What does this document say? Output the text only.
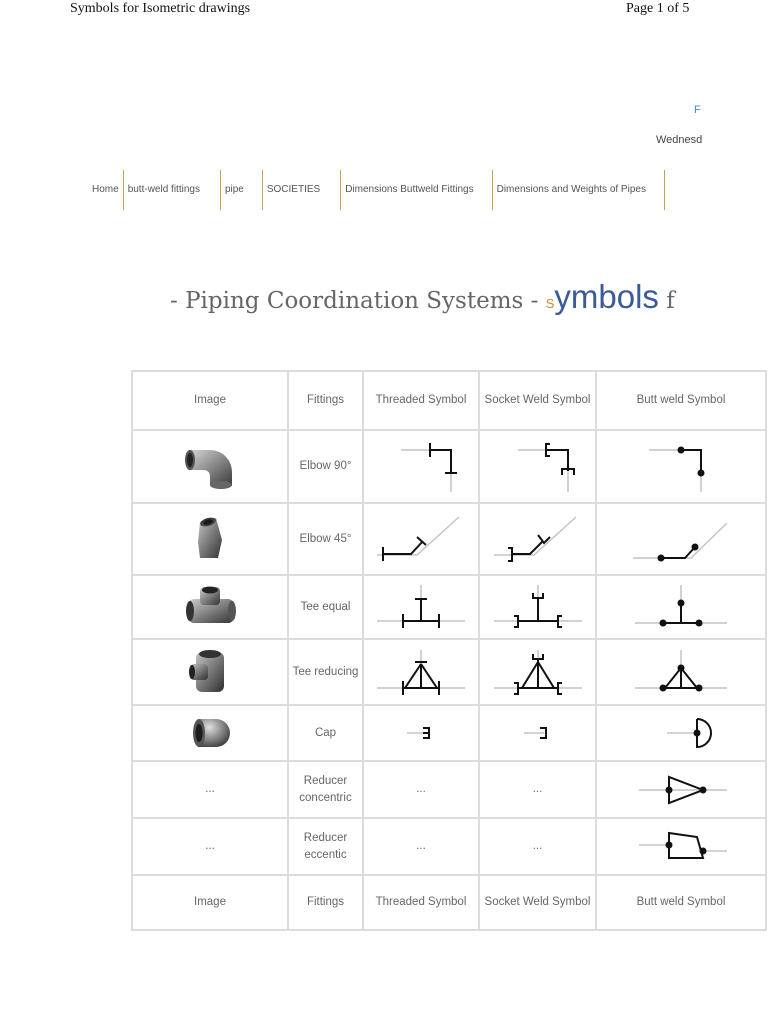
Symbols for Isometric drawings	Page 1 of 5
F
Wednesd
Home butt-weld fittings	pipe	SOCIETIES	Dimensions Buttweld Fittings	Dimensions and Weights of Pipes
- Piping Coordination Systems - Symbols f
Image	Fittings	Threaded Symbol	Socket Weld Symbol	Butt weld Symbol

	Elbow 90°	

	Elbow 45°	

	Tee equal	

	Tee reducing	

	Cap	

...	Reducer concentric	...	...	

...	Reducer eccentic	...	...	

Image	Fittings	Threaded Symbol	Socket Weld Symbol	Butt weld Symbol
